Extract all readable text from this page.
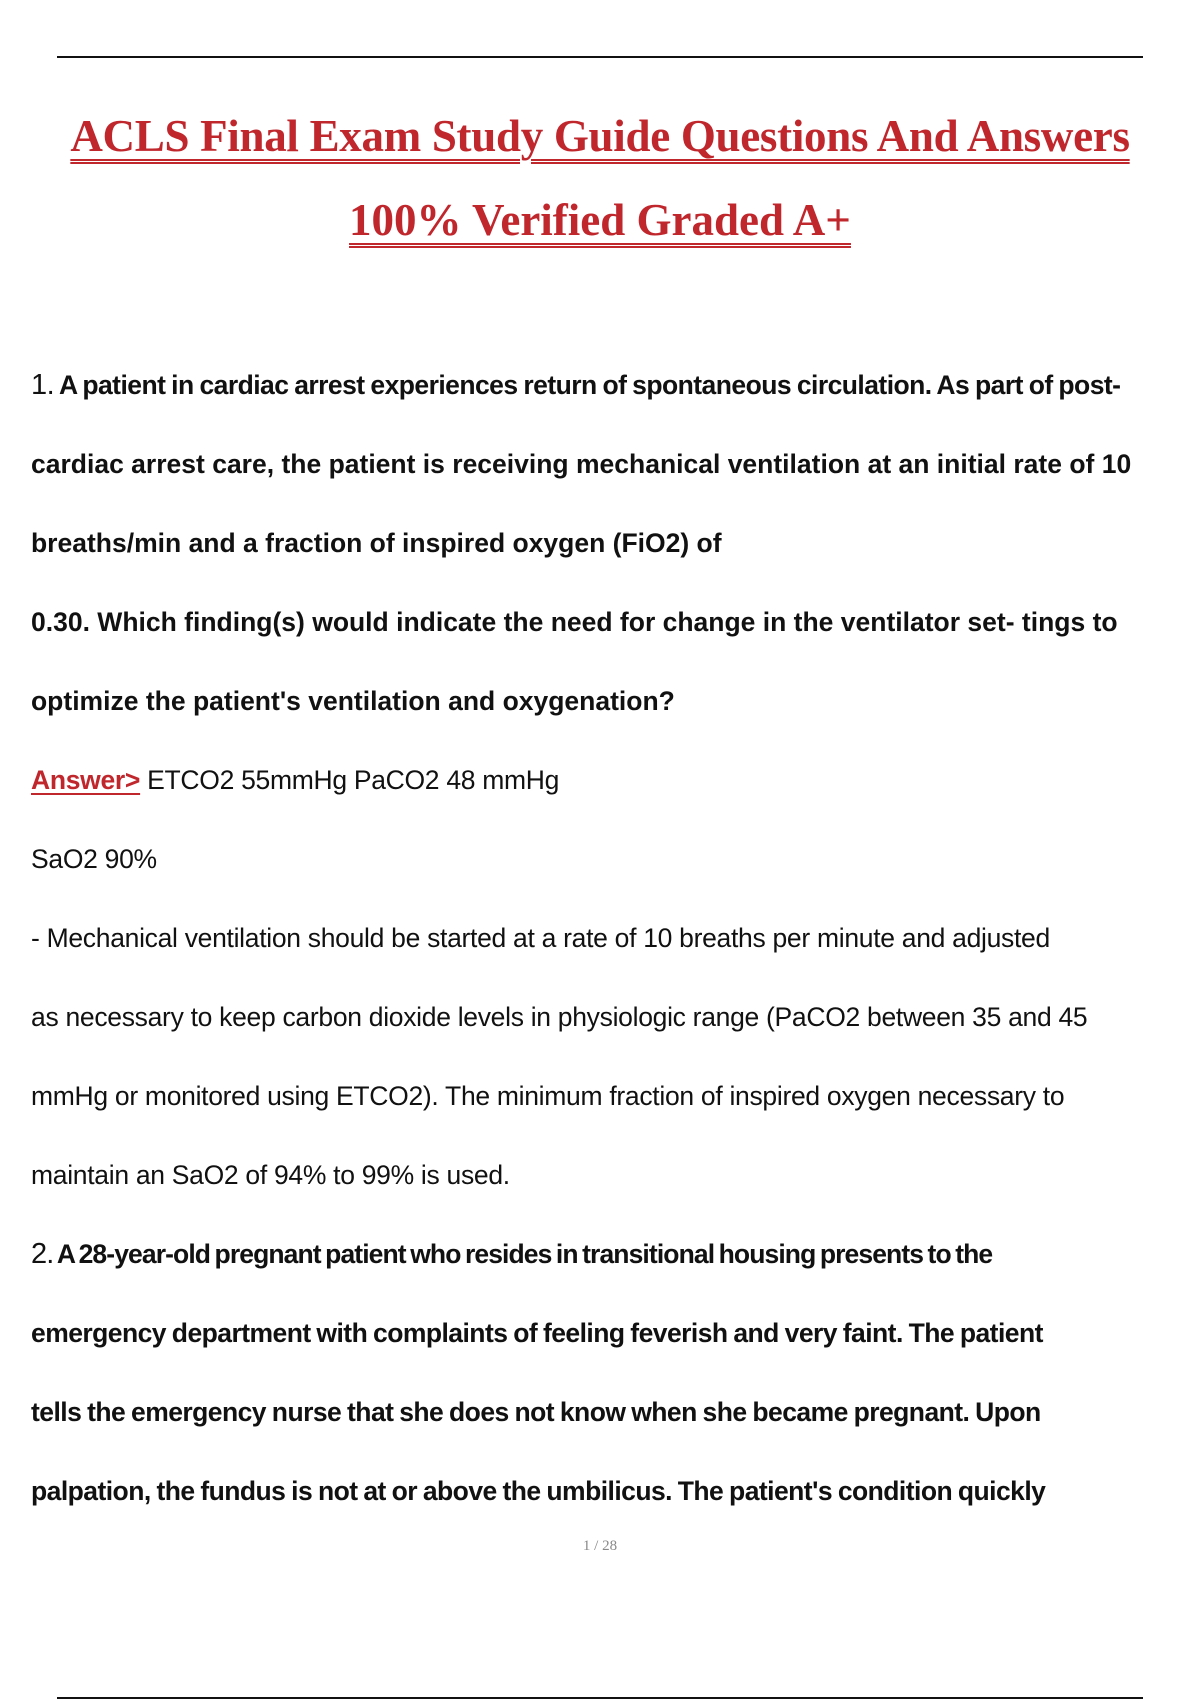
ACLS Final Exam Study Guide Questions And Answers
100% Verified Graded A+
1. A patient in cardiac arrest experiences return of spontaneous circulation. As part of post-
cardiac arrest care, the patient is receiving mechanical ventilation at an initial rate of 10
breaths/min and a fraction of inspired oxygen (FiO2) of
0.30. Which finding(s) would indicate the need for change in the ventilator set- tings to
optimize the patient's ventilation and oxygenation?
Answer> ETCO2 55mmHg PaCO2 48 mmHg
SaO2 90%
- Mechanical ventilation should be started at a rate of 10 breaths per minute and adjusted
as necessary to keep carbon dioxide levels in physiologic range (PaCO2 between 35 and 45
mmHg or monitored using ETCO2). The minimum fraction of inspired oxygen necessary to
maintain an SaO2 of 94% to 99% is used.
2. A 28-year-old pregnant patient who resides in transitional housing presents to the
emergency department with complaints of feeling feverish and very faint. The patient
tells the emergency nurse that she does not know when she became pregnant. Upon
palpation, the fundus is not at or above the umbilicus. The patient's condition quickly
1 / 28
